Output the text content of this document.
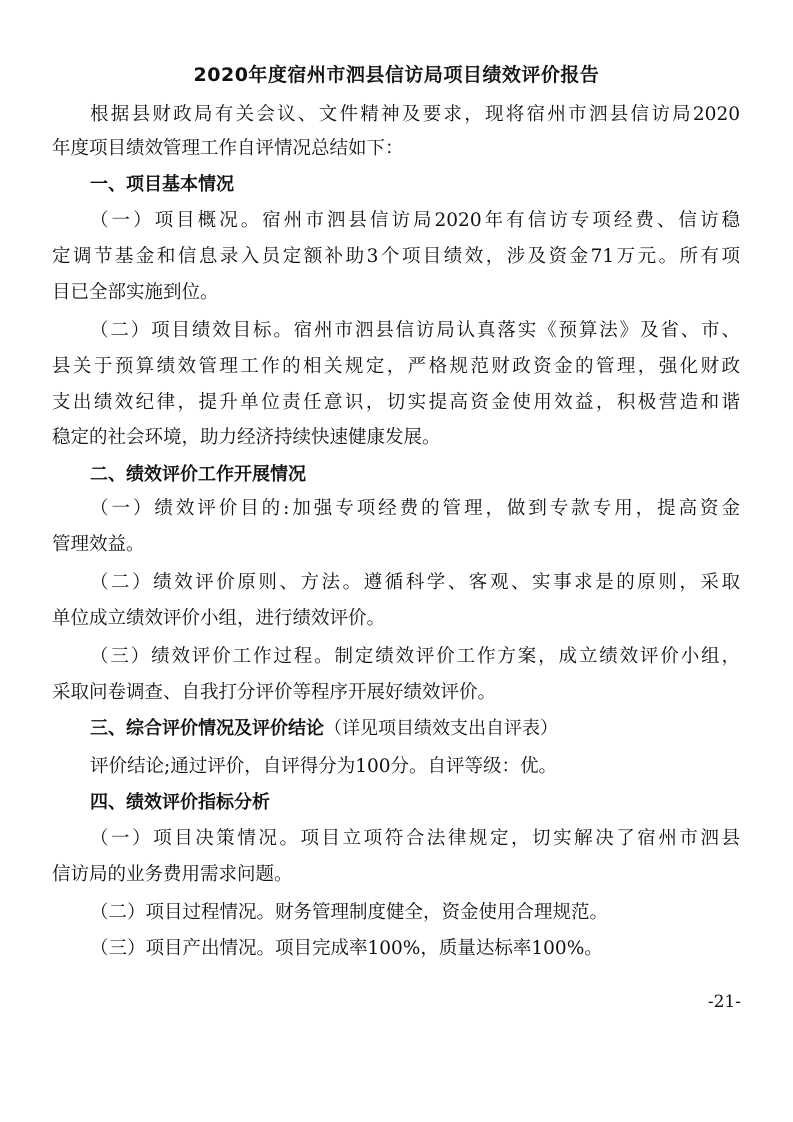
2020年度宿州市泗县信访局项目绩效评价报告
根据县财政局有关会议、文件精神及要求，现将宿州市泗县信访局2020
年度项目绩效管理工作自评情况总结如下：
一、项目基本情况
（一）项目概况。宿州市泗县信访局2020年有信访专项经费、信访稳
定调节基金和信息录入员定额补助3个项目绩效，涉及资金71万元。所有项
目已全部实施到位。
（二）项目绩效目标。宿州市泗县信访局认真落实《预算法》及省、市、
县关于预算绩效管理工作的相关规定，严格规范财政资金的管理，强化财政
支出绩效纪律，提升单位责任意识，切实提高资金使用效益，积极营造和谐
稳定的社会环境，助力经济持续快速健康发展。
二、绩效评价工作开展情况
（一）绩效评价目的:加强专项经费的管理，做到专款专用，提高资金
管理效益。
（二）绩效评价原则、方法。遵循科学、客观、实事求是的原则，采取
单位成立绩效评价小组，进行绩效评价。
（三）绩效评价工作过程。制定绩效评价工作方案，成立绩效评价小组，
采取问卷调查、自我打分评价等程序开展好绩效评价。
三、综合评价情况及评价结论（详见项目绩效支出自评表）
评价结论;通过评价，自评得分为100分。自评等级：优。
四、绩效评价指标分析
（一）项目决策情况。项目立项符合法律规定，切实解决了宿州市泗县
信访局的业务费用需求问题。
（二）项目过程情况。财务管理制度健全，资金使用合理规范。
（三）项目产出情况。项目完成率100%，质量达标率100%。
-21-
